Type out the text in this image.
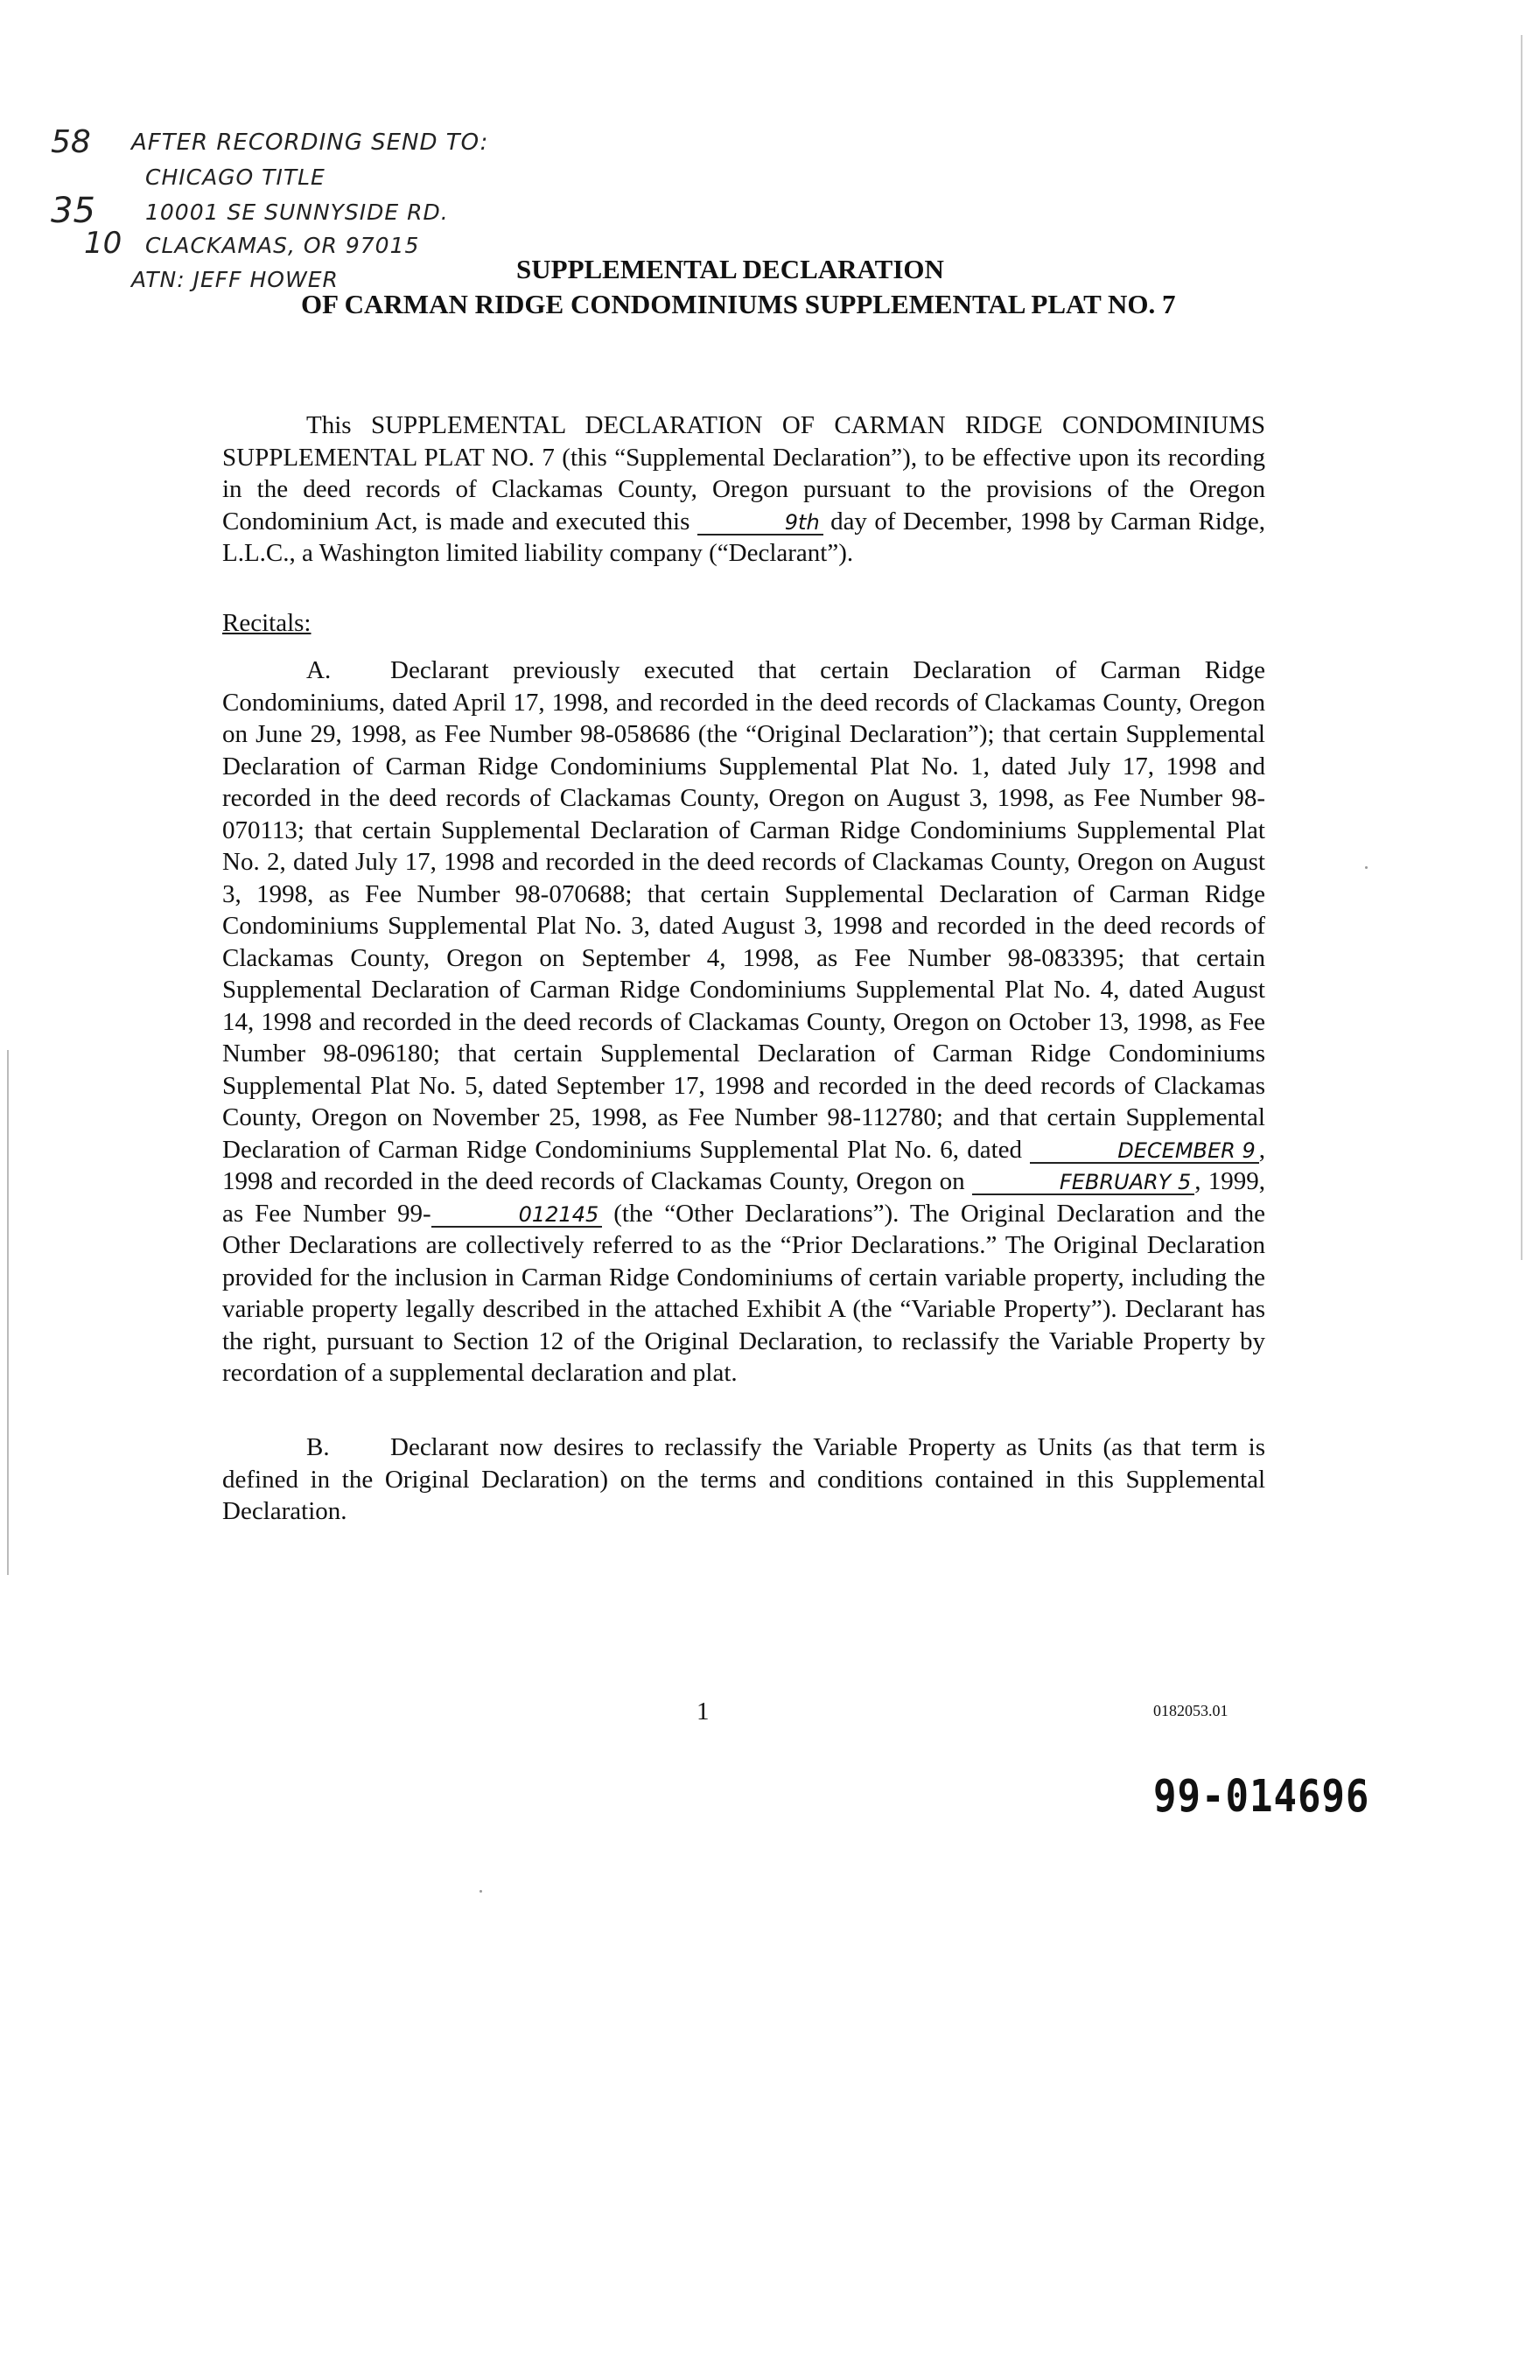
58
35
10
AFTER RECORDING SEND TO:
CHICAGO TITLE
10001 SE SUNNYSIDE RD.
CLACKAMAS, OR 97015
ATN: JEFF HOWER	SUPPLEMENTAL DECLARATION
OF CARMAN RIDGE CONDOMINIUMS SUPPLEMENTAL PLAT NO. 7
This SUPPLEMENTAL DECLARATION OF CARMAN RIDGE CONDOMINIUMS SUPPLEMENTAL PLAT NO. 7 (this “Supplemental Declaration”), to be effective upon its recording in the deed records of Clackamas County, Oregon pursuant to the provisions of the Oregon Condominium Act, is made and executed this	9th day of December, 1998 by Carman Ridge, L.L.C., a Washington limited liability company (“Declarant”).
Recitals:
A. Declarant previously executed that certain Declaration of Carman Ridge Condominiums, dated April 17, 1998, and recorded in the deed records of Clackamas County, Oregon on June 29, 1998, as Fee Number 98-058686 (the “Original Declaration”); that certain Supplemental Declaration of Carman Ridge Condominiums Supplemental Plat No. 1, dated July 17, 1998 and recorded in the deed records of Clackamas County, Oregon on August 3, 1998, as Fee Number 98-070113; that certain Supplemental Declaration of Carman Ridge Condominiums Supplemental Plat No. 2, dated July 17, 1998 and recorded in the deed records of Clackamas County, Oregon on August 3, 1998, as Fee Number 98-070688; that certain Supplemental Declaration of Carman Ridge Condominiums Supplemental Plat No. 3, dated August 3, 1998 and recorded in the deed records of Clackamas County, Oregon on September 4, 1998, as Fee Number 98-083395; that certain Supplemental Declaration of Carman Ridge Condominiums Supplemental Plat No. 4, dated August 14, 1998 and recorded in the deed records of Clackamas County, Oregon on October 13, 1998, as Fee Number 98-096180; that certain Supplemental Declaration of Carman Ridge Condominiums Supplemental Plat No. 5, dated September 17, 1998 and recorded in the deed records of Clackamas County, Oregon on November 25, 1998, as Fee Number 98-112780; and that certain Supplemental Declaration of Carman Ridge Condominiums Supplemental Plat No. 6, dated	DECEMBER 9 , 1998 and recorded in the deed records of Clackamas County, Oregon on	FEBRUARY 5 , 1999, as Fee Number 99-	012145 (the “Other Declarations”). The Original Declaration and the Other Declarations are collectively referred to as the “Prior Declarations.” The Original Declaration provided for the inclusion in Carman Ridge Condominiums of certain variable property, including the variable property legally described in the attached Exhibit A (the “Variable Property”). Declarant has the right, pursuant to Section 12 of the Original Declaration, to reclassify the Variable Property by recordation of a supplemental declaration and plat.
B. Declarant now desires to reclassify the Variable Property as Units (as that term is defined in the Original Declaration) on the terms and conditions contained in this Supplemental Declaration.
1	0182053.01
99-014696
